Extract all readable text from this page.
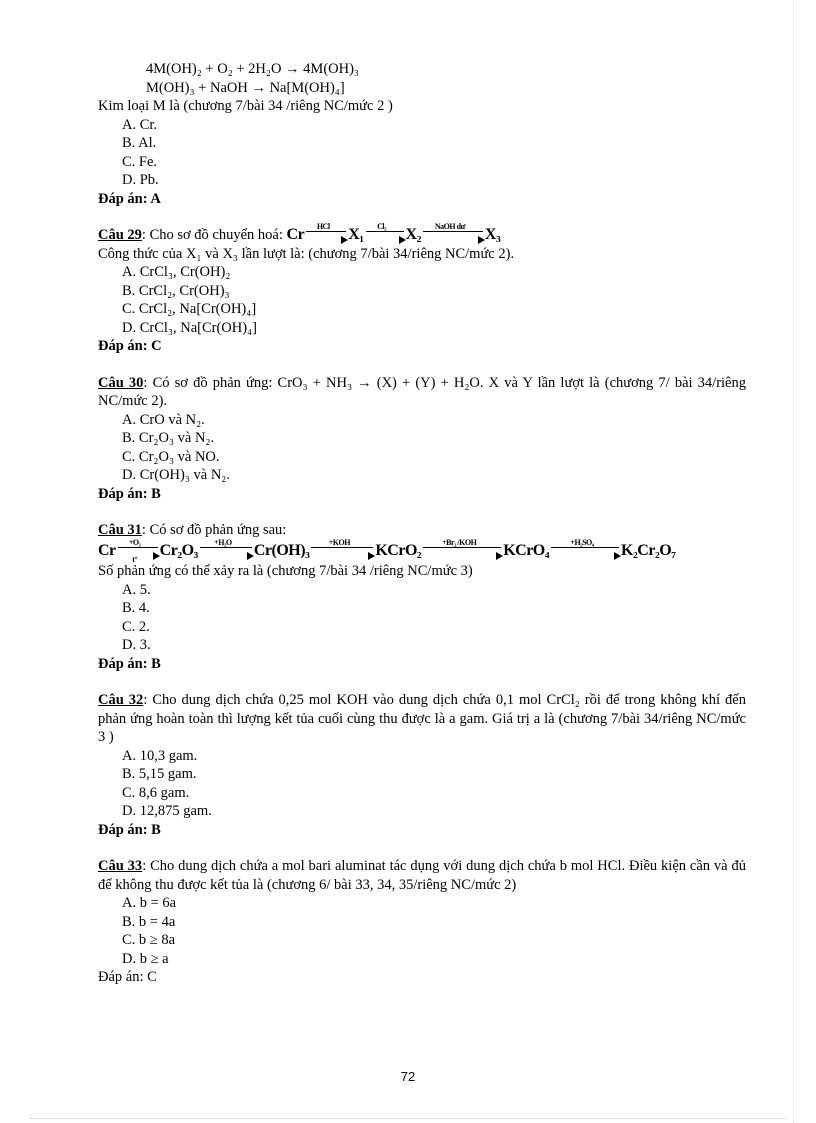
4M(OH)₂ + O₂ + 2H₂O → 4M(OH)₃
M(OH)₃ + NaOH → Na[M(OH)₄]
Kim loại M là (chương 7/bài 34 /riêng NC/mức 2 )
A. Cr.
B. Al.
C. Fe.
D. Pb.
Đáp án: A
Câu 29: Cho sơ đồ chuyển hoá: Cr	HCl	X₁	Cl₂	X₂	NaOH dư	X₃
Công thức của X₁ và X₃ lần lượt là: (chương 7/bài 34/riêng NC/mức 2).
A. CrCl₃, Cr(OH)₂
B. CrCl₂, Cr(OH)₃
C. CrCl₂, Na[Cr(OH)₄]
D. CrCl₃, Na[Cr(OH)₄]
Đáp án: C
Câu 30: Có sơ đồ phản ứng: CrO₃ + NH₃ → (X) + (Y) + H₂O. X và Y lần lượt là (chương 7/ bài 34/riêng NC/mức 2).
A. CrO và N₂.
B. Cr₂O₃ và N₂.
C. Cr₂O₃ và NO.
D. Cr(OH)₃ và N₂.
Đáp án: B
Câu 31: Có sơ đồ phản ứng sau:
Cr $\frac{\text{+O₂}}{t^\circ} Cr_2O_3$	+H₂O	Cr(OH)₃	+KOH	KCrO₂	+Br₂ /KOH	KCrO₄	+H₂SO₄	K₂Cr₂O₇
Số phản ứng có thể xảy ra là (chương 7/bài 34 /riêng NC/mức 3)
A. 5.
B. 4.
C. 2.
D. 3.
Đáp án: B
Câu 32: Cho dung dịch chứa 0,25 mol KOH vào dung dịch chứa 0,1 mol CrCl₂ rồi để trong không khí đến phản ứng hoàn toàn thì lượng kết tủa cuối cùng thu được là a gam. Giá trị a là (chương 7/bài 34/riêng NC/mức 3 )
A. 10,3 gam.
B. 5,15 gam.
C. 8,6 gam.
D. 12,875 gam.
Đáp án: B
Câu 33: Cho dung dịch chứa a mol bari aluminat tác dụng với dung dịch chứa b mol HCl. Điều kiện cần và đủ để không thu được kết tủa là (chương 6/ bài 33, 34, 35/riêng NC/mức 2)
A. b = 6a
B. b = 4a
C. b ≥ 8a
D. b ≥ a
Đáp án: C
72
